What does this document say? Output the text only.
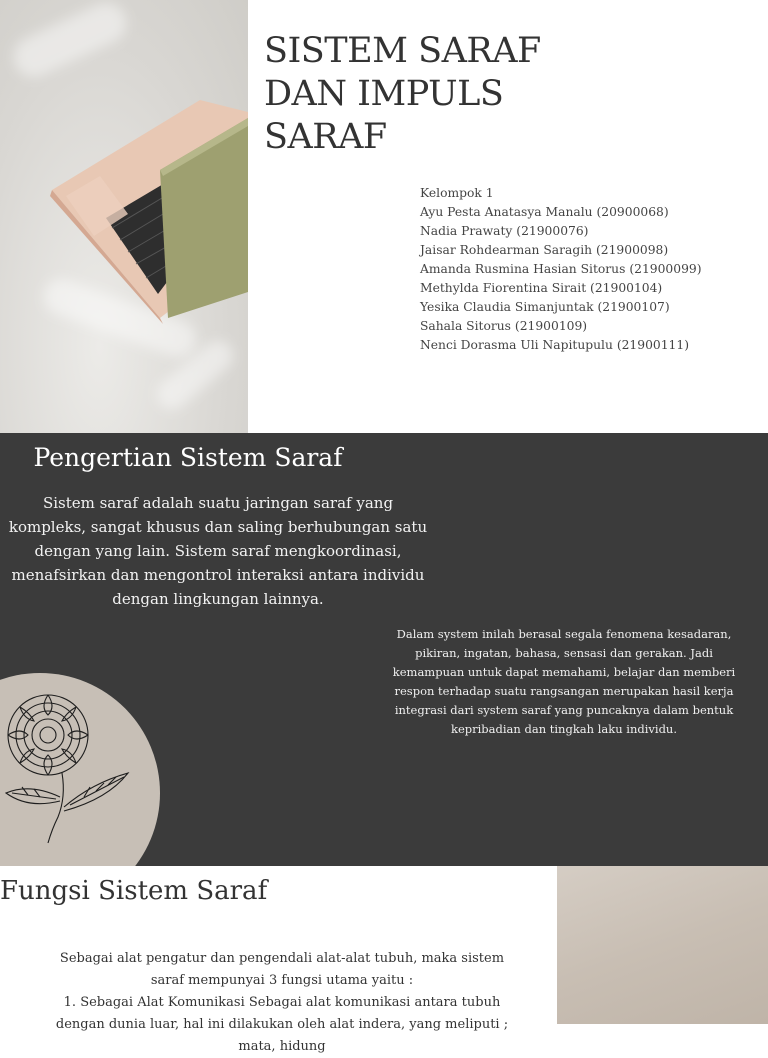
SISTEM SARAF
DAN IMPULS
SARAF
Kelompok 1
Ayu Pesta Anatasya Manalu (20900068)
Nadia Prawaty (21900076)
Jaisar Rohdearman Saragih (21900098)
Amanda Rusmina Hasian Sitorus (21900099)
Methylda Fiorentina Sirait (21900104)
Yesika Claudia Simanjuntak (21900107)
Sahala Sitorus (21900109)
Nenci Dorasma Uli Napitupulu (21900111)
Pengertian Sistem Saraf

Sistem saraf adalah suatu jaringan saraf yang kompleks, sangat khusus dan saling berhubungan satu dengan yang lain. Sistem saraf mengkoordinasi, menafsirkan dan mengontrol interaksi antara individu dengan lingkungan lainnya.

Dalam system inilah berasal segala fenomena kesadaran, pikiran, ingatan, bahasa, sensasi dan gerakan. Jadi kemampuan untuk dapat memahami, belajar dan memberi respon terhadap suatu rangsangan merupakan hasil kerja integrasi dari system saraf yang puncaknya dalam bentuk kepribadian dan tingkah laku individu.

Fungsi Sistem Saraf
Sebagai alat pengatur dan pengendali alat-alat tubuh, maka sistem saraf mempunyai 3 fungsi utama yaitu :
1. Sebagai Alat Komunikasi Sebagai alat komunikasi antara tubuh dengan dunia luar, hal ini dilakukan oleh alat indera, yang meliputi ; mata, hidung
